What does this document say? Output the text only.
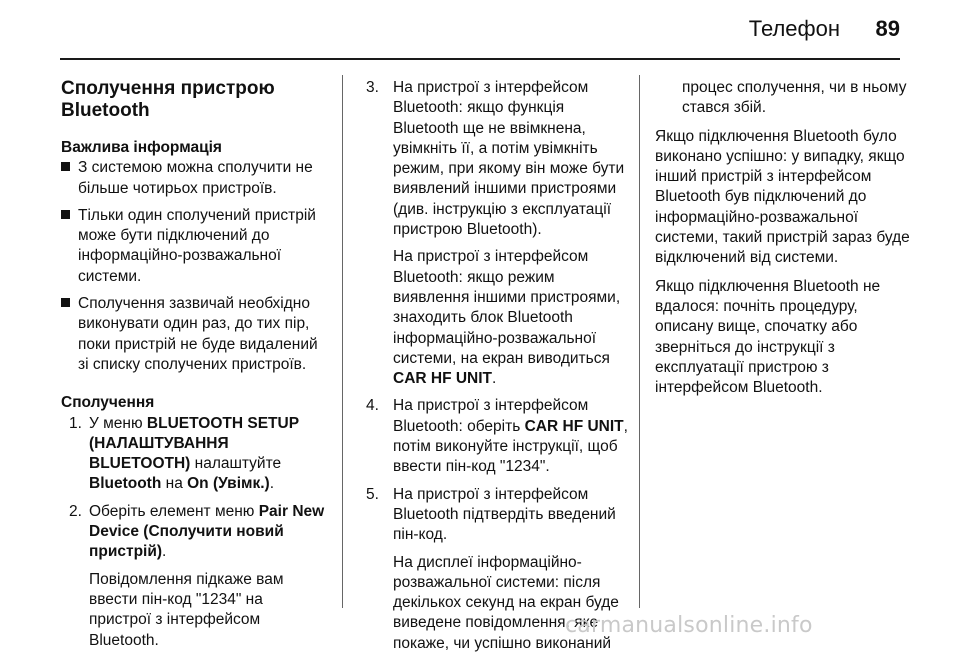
Телефон 89
Сполучення пристрою Bluetooth

Важлива інформація

З системою можна сполучити не більше чотирьох пристроїв.
Тільки один сполучений пристрій може бути підключений до інформаційно-розважальної системи.
Сполучення зазвичай необхідно виконувати один раз, до тих пір, поки пристрій не буде видалений зі списку сполучених пристроїв.

Сполучення

1. У меню BLUETOOTH SETUP (НАЛАШТУВАННЯ BLUETOOTH) налаштуйте Bluetooth на On (Увімк.).

2. Оберіть елемент меню Pair New Device (Сполучити новий пристрій).

Повідомлення підкаже вам ввести пін-код "1234" на пристрої з інтерфейсом Bluetooth.

3. На пристрої з інтерфейсом Bluetooth: якщо функція Bluetooth ще не ввімкнена, увімкніть її, а потім увімкніть режим, при якому він може бути виявлений іншими пристроями (див. інструкцію з експлуатації пристрою Bluetooth).

На пристрої з інтерфейсом Bluetooth: якщо режим виявлення іншими пристроями, знаходить блок Bluetooth інформаційно-розважальної системи, на екран виводиться CAR HF UNIT.

4. На пристрої з інтерфейсом Bluetooth: оберіть CAR HF UNIT, потім виконуйте інструкції, щоб ввести пін-код "1234".

5. На пристрої з інтерфейсом Bluetooth підтвердіть введений пін-код.

На дисплеї інформаційно-розважальної системи: після декількох секунд на екран буде виведене повідомлення, яке покаже, чи успішно виконаний

процес сполучення, чи в ньому стався збій.

Якщо підключення Bluetooth було виконано успішно: у випадку, якщо інший пристрій з інтерфейсом Bluetooth був підключений до інформаційно-розважальної системи, такий пристрій зараз буде відключений від системи.

Якщо підключення Bluetooth не вдалося: почніть процедуру, описану вище, спочатку або зверніться до інструкції з експлуатації пристрою з інтерфейсом Bluetooth.

carmanualsonline.info
